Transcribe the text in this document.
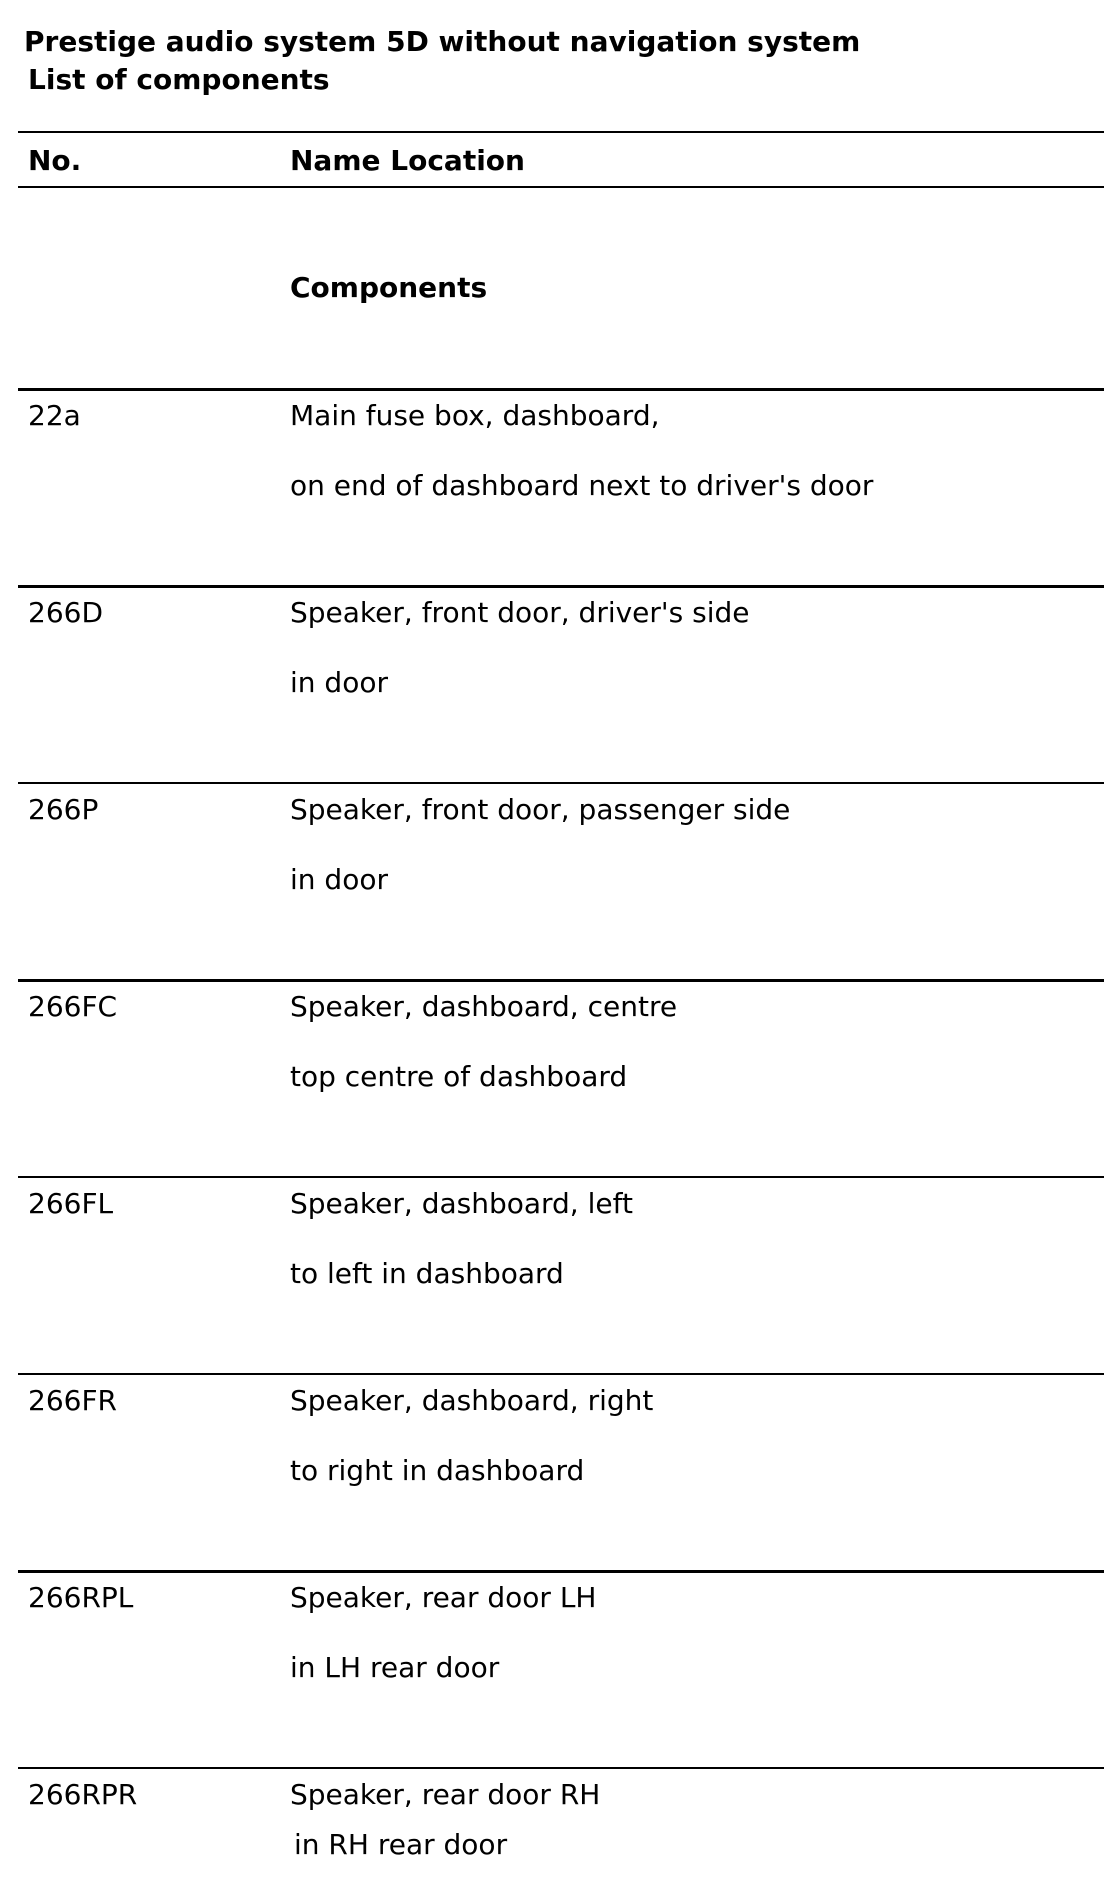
Prestige audio system 5D without navigation system
List of components
No.	Name Location
Components
22a	Main fuse box, dashboard,
on end of dashboard next to driver's door
266D	Speaker, front door, driver's side
in door
266P	Speaker, front door, passenger side
in door
266FC	Speaker, dashboard, centre
top centre of dashboard
266FL	Speaker, dashboard, left
to left in dashboard
266FR	Speaker, dashboard, right
to right in dashboard
266RPL	Speaker, rear door LH
in LH rear door
266RPR	Speaker, rear door RH
in RH rear door
